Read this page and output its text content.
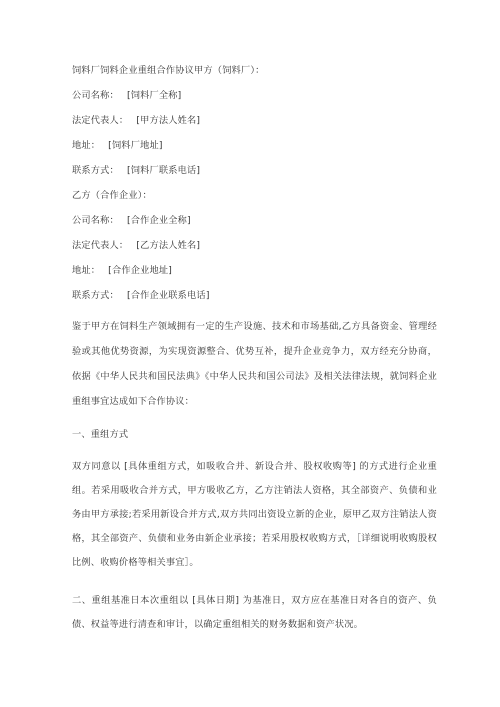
饲料厂饲料企业重组合作协议甲方（饲料厂）：
公司名称： [饲料厂全称]
法定代表人： [甲方法人姓名]
地址： [饲料厂地址]
联系方式： [饲料厂联系电话]
乙方（合作企业）：
公司名称： [合作企业全称]
法定代表人： [乙方法人姓名]
地址： [合作企业地址]
联系方式： [合作企业联系电话]

鉴于甲方在饲料生产领域拥有一定的生产设施、技术和市场基础,乙方具备资金、管理经验或其他优势资源，为实现资源整合、优势互补，提升企业竞争力，双方经充分协商，依据《中华人民共和国民法典》《中华人民共和国公司法》及相关法律法规，就饲料企业重组事宜达成如下合作协议：

一、重组方式

双方同意以 [具体重组方式，如吸收合并、新设合并、股权收购等] 的方式进行企业重组。若采用吸收合并方式，甲方吸收乙方，乙方注销法人资格，其全部资产、负债和业务由甲方承接;若采用新设合并方式,双方共同出资设立新的企业，原甲乙双方注销法人资格，其全部资产、负债和业务由新企业承接；若采用股权收购方式，［详细说明收购股权比例、收购价格等相关事宜］。

二、重组基准日本次重组以 [具体日期] 为基准日，双方应在基准日对各自的资产、负债、权益等进行清查和审计，以确定重组相关的财务数据和资产状况。
